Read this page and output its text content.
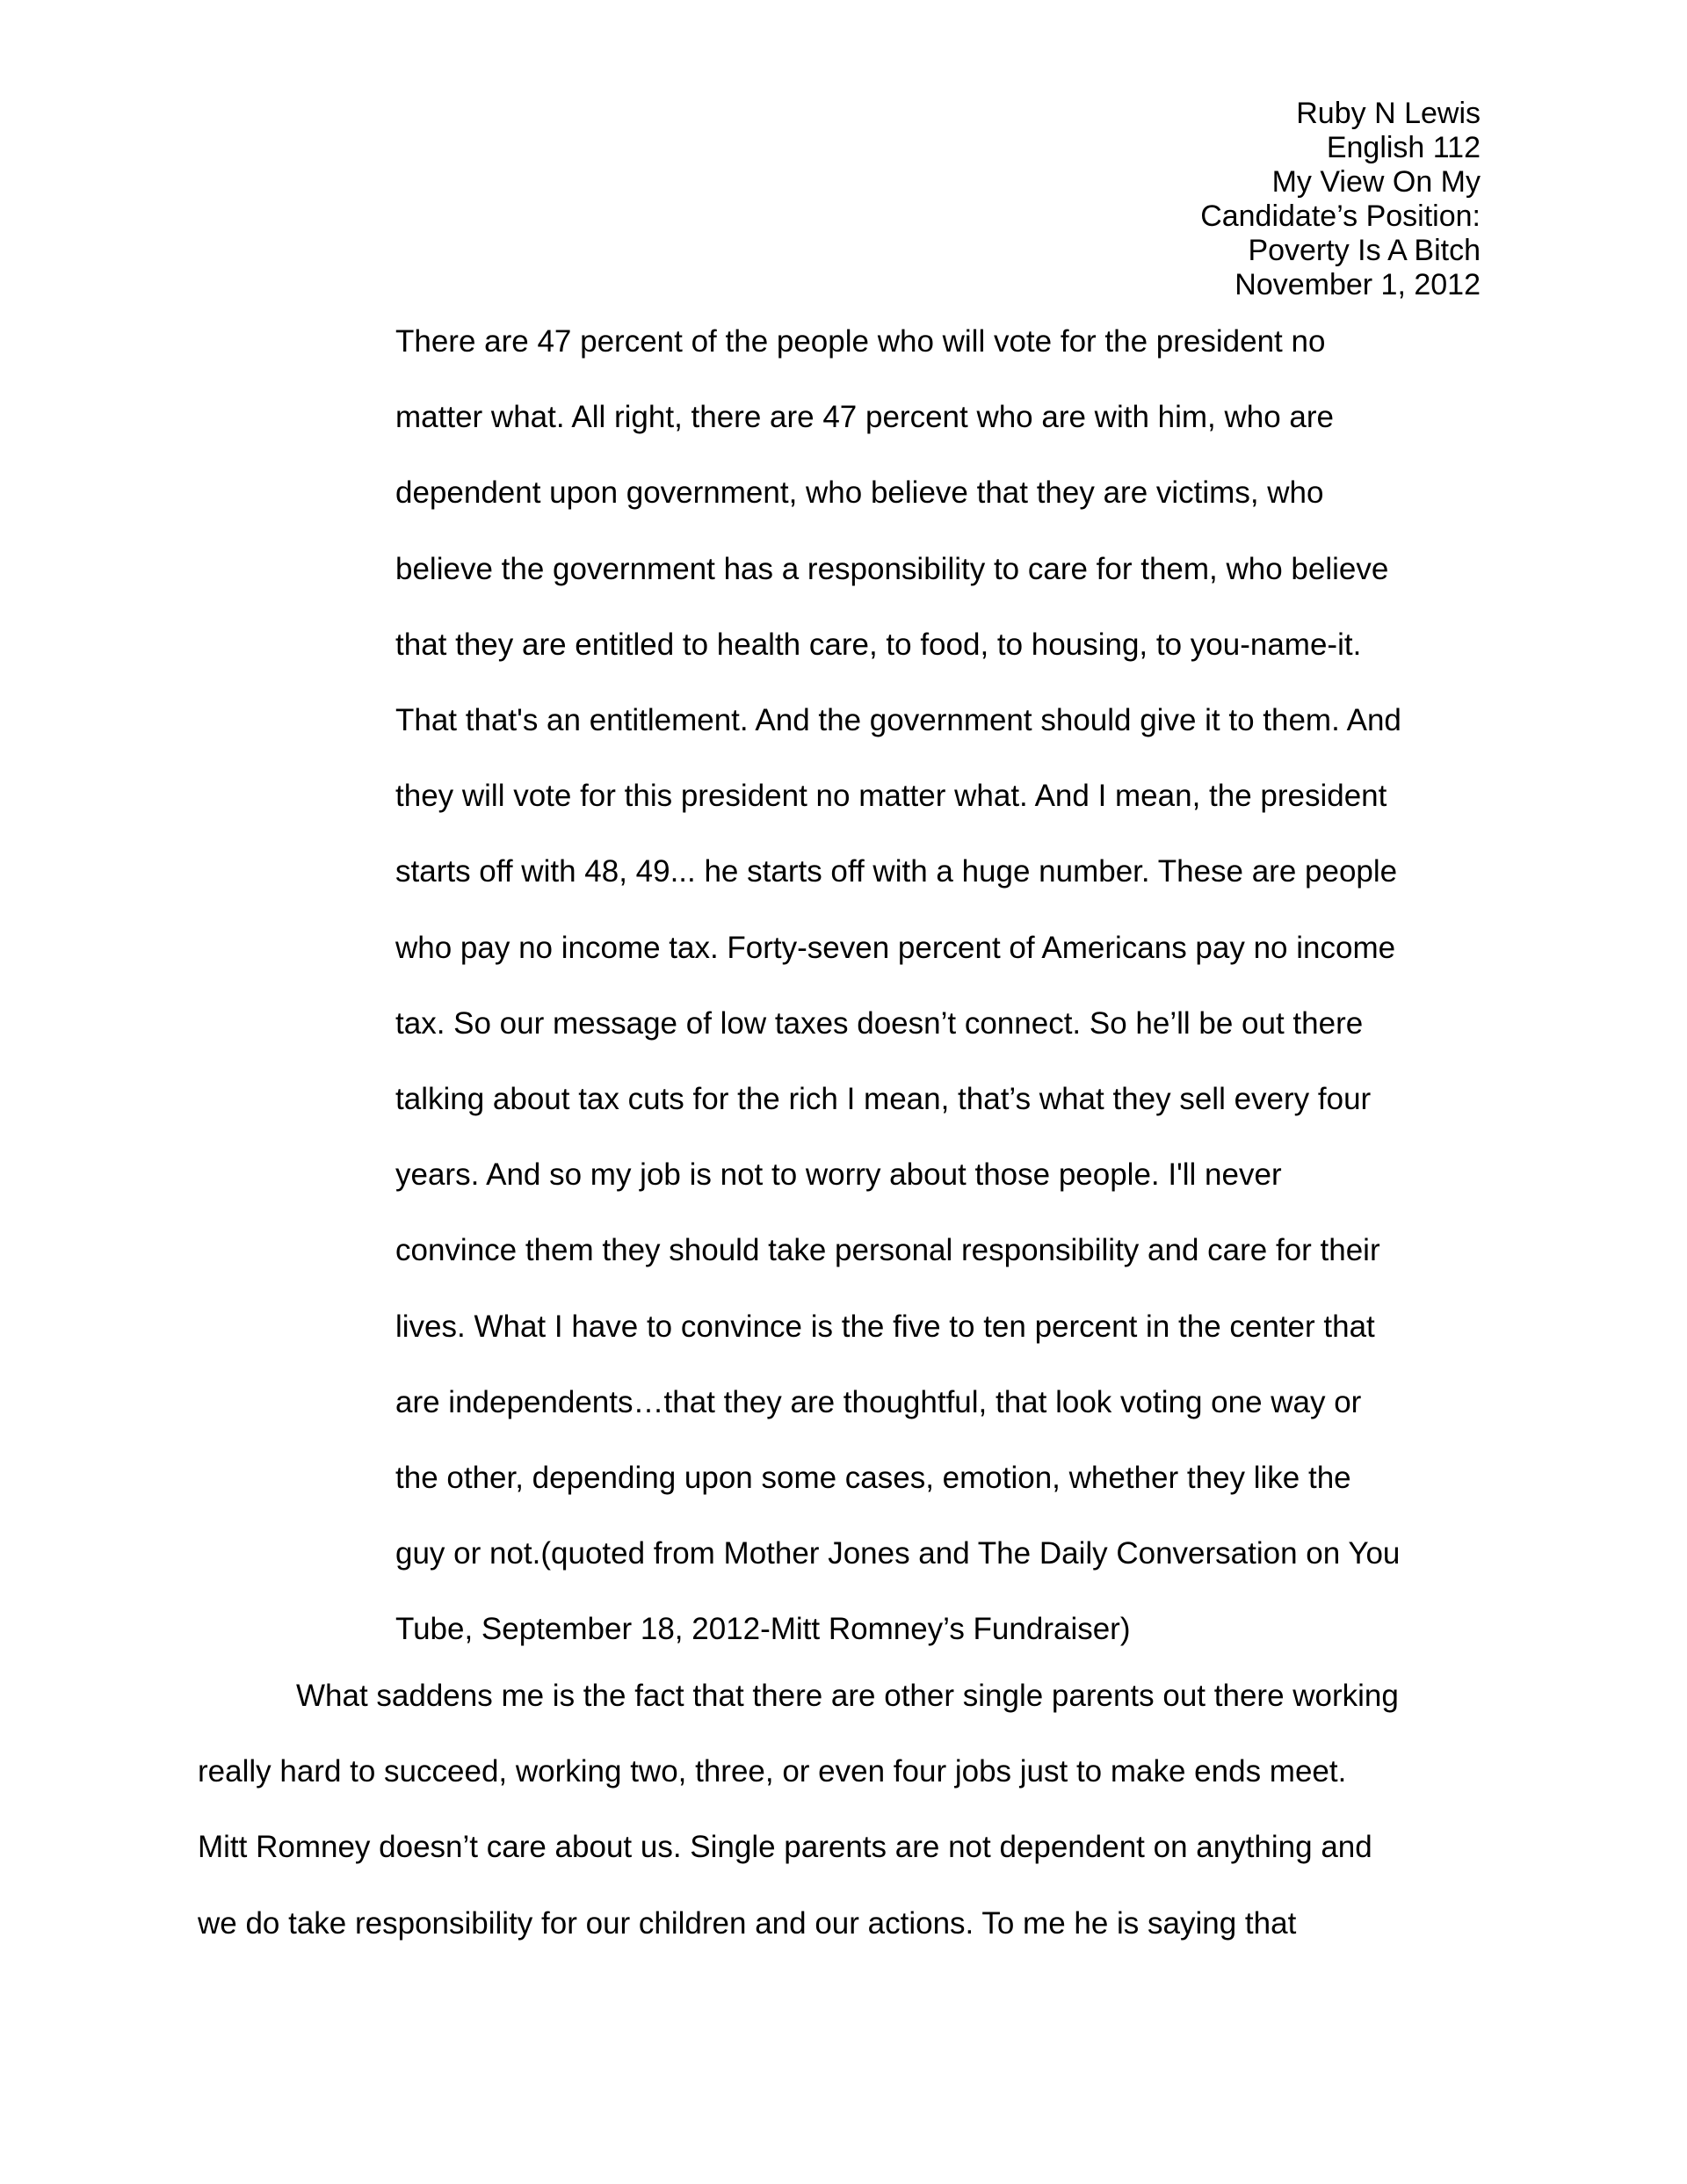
Ruby N Lewis
English 112
My View On My
Candidate’s Position:
Poverty Is A Bitch
November 1, 2012
There are 47 percent of the people who will vote for the president no
matter what. All right, there are 47 percent who are with him, who are
dependent upon government, who believe that they are victims, who
believe the government has a responsibility to care for them, who believe
that they are entitled to health care, to food, to housing, to you-name-it.
That that's an entitlement. And the government should give it to them. And
they will vote for this president no matter what. And I mean, the president
starts off with 48, 49... he starts off with a huge number. These are people
who pay no income tax. Forty-seven percent of Americans pay no income
tax. So our message of low taxes doesn’t connect. So he’ll be out there
talking about tax cuts for the rich I mean, that’s what they sell every four
years. And so my job is not to worry about those people. I'll never
convince them they should take personal responsibility and care for their
lives. What I have to convince is the five to ten percent in the center that
are independents…that they are thoughtful, that look voting one way or
the other, depending upon some cases, emotion, whether they like the
guy or not.(quoted from Mother Jones and The Daily Conversation on You
Tube, September 18, 2012-Mitt Romney’s Fundraiser)
What saddens me is the fact that there are other single parents out there working
really hard to succeed, working two, three, or even four jobs just to make ends meet.
Mitt Romney doesn’t care about us. Single parents are not dependent on anything and
we do take responsibility for our children and our actions. To me he is saying that
